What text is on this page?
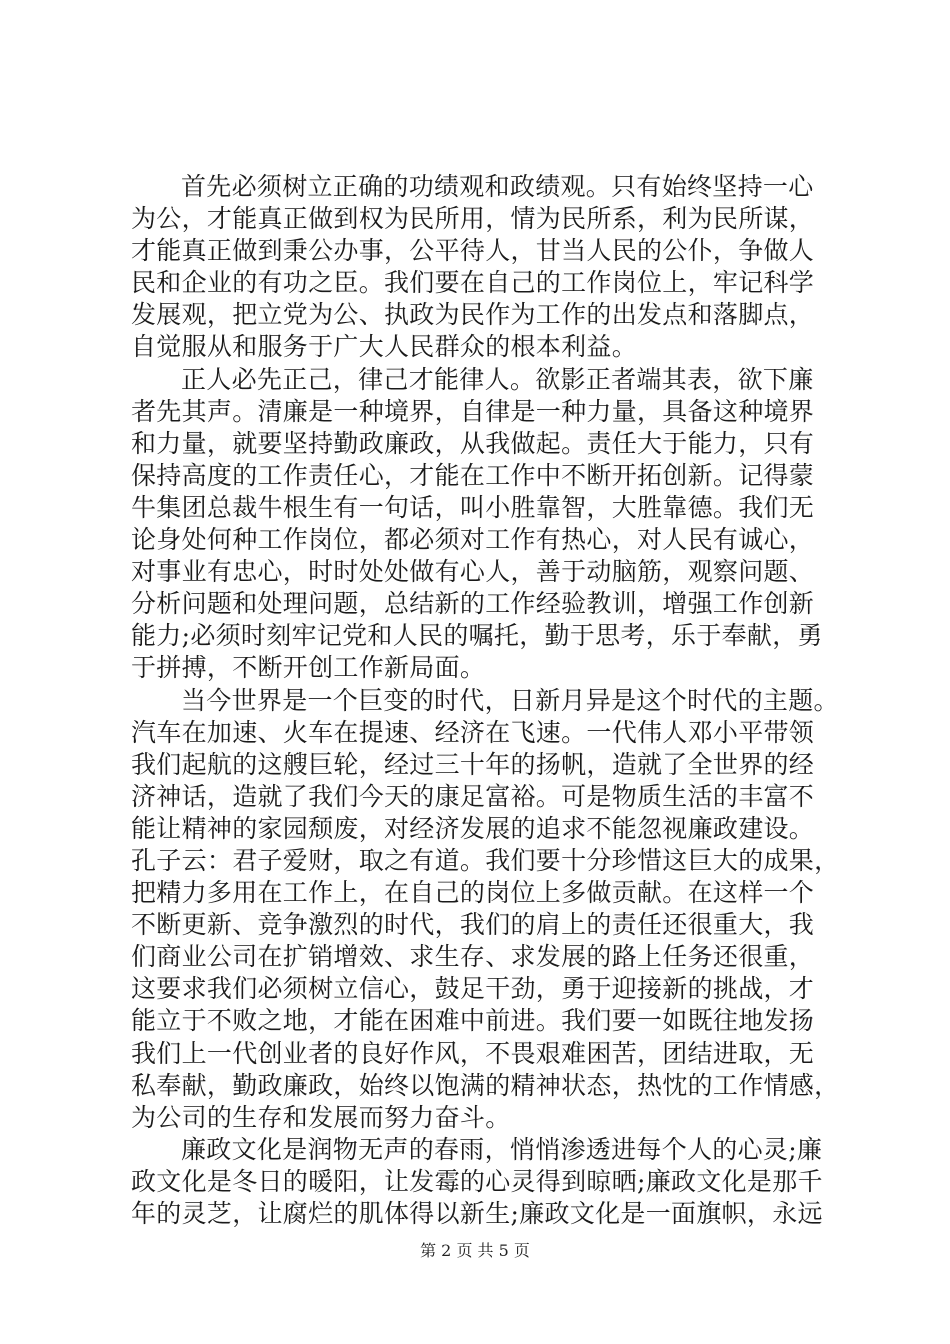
首先必须树立正确的功绩观和政绩观。只有始终坚持一心
为公，才能真正做到权为民所用，情为民所系，利为民所谋，
才能真正做到秉公办事，公平待人，甘当人民的公仆，争做人
民和企业的有功之臣。我们要在自己的工作岗位上，牢记科学
发展观，把立党为公、执政为民作为工作的出发点和落脚点，
自觉服从和服务于广大人民群众的根本利益。
正人必先正己，律己才能律人。欲影正者端其表，欲下廉
者先其声。清廉是一种境界，自律是一种力量，具备这种境界
和力量，就要坚持勤政廉政，从我做起。责任大于能力，只有
保持高度的工作责任心，才能在工作中不断开拓创新。记得蒙
牛集团总裁牛根生有一句话，叫小胜靠智，大胜靠德。我们无
论身处何种工作岗位，都必须对工作有热心，对人民有诚心，
对事业有忠心，时时处处做有心人，善于动脑筋，观察问题、
分析问题和处理问题，总结新的工作经验教训，增强工作创新
能力;必须时刻牢记党和人民的嘱托，勤于思考，乐于奉献，勇
于拼搏，不断开创工作新局面。
当今世界是一个巨变的时代，日新月异是这个时代的主题。
汽车在加速、火车在提速、经济在飞速。一代伟人邓小平带领
我们起航的这艘巨轮，经过三十年的扬帆，造就了全世界的经
济神话，造就了我们今天的康足富裕。可是物质生活的丰富不
能让精神的家园颓废，对经济发展的追求不能忽视廉政建设。
孔子云：君子爱财，取之有道。我们要十分珍惜这巨大的成果，
把精力多用在工作上，在自己的岗位上多做贡献。在这样一个
不断更新、竞争激烈的时代，我们的肩上的责任还很重大，我
们商业公司在扩销增效、求生存、求发展的路上任务还很重，
这要求我们必须树立信心，鼓足干劲，勇于迎接新的挑战，才
能立于不败之地，才能在困难中前进。我们要一如既往地发扬
我们上一代创业者的良好作风，不畏艰难困苦，团结进取，无
私奉献，勤政廉政，始终以饱满的精神状态，热忱的工作情感，
为公司的生存和发展而努力奋斗。
廉政文化是润物无声的春雨，悄悄渗透进每个人的心灵;廉
政文化是冬日的暖阳，让发霉的心灵得到晾晒;廉政文化是那千
年的灵芝，让腐烂的肌体得以新生;廉政文化是一面旗帜，永远
第 2 页 共 5 页
